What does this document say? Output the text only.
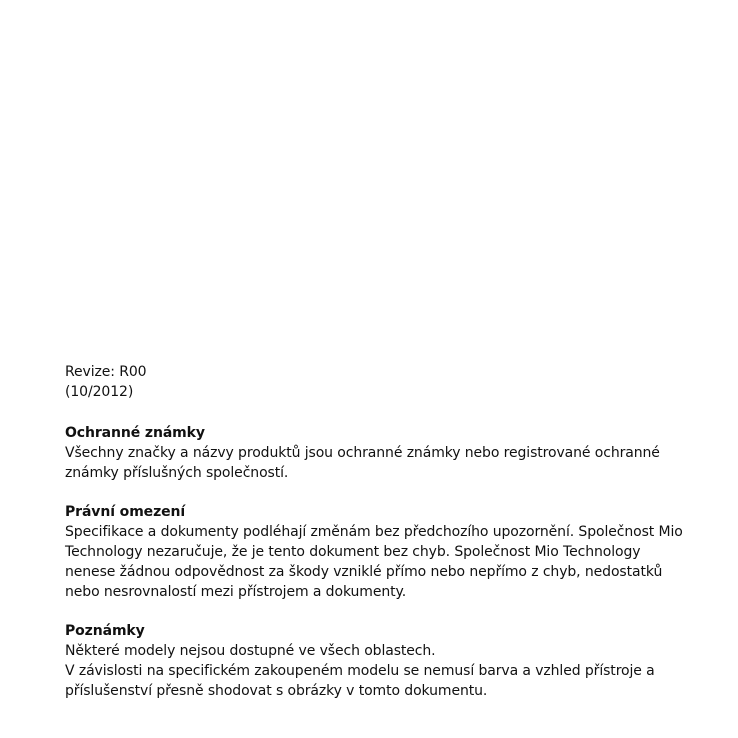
Revize: R00
(10/2012)
Ochranné známky
Všechny značky a názvy produktů jsou ochranné známky nebo registrované ochranné známky příslušných společností.
Právní omezení
Specifikace a dokumenty podléhají změnám bez předchozího upozornění. Společnost Mio Technology nezaručuje, že je tento dokument bez chyb. Společnost Mio Technology nenese žádnou odpovědnost za škody vzniklé přímo nebo nepřímo z chyb, nedostatků nebo nesrovnalostí mezi přístrojem a dokumenty.
Poznámky
Některé modely nejsou dostupné ve všech oblastech.
V závislosti na specifickém zakoupeném modelu se nemusí barva a vzhled přístroje a příslušenství přesně shodovat s obrázky v tomto dokumentu.
